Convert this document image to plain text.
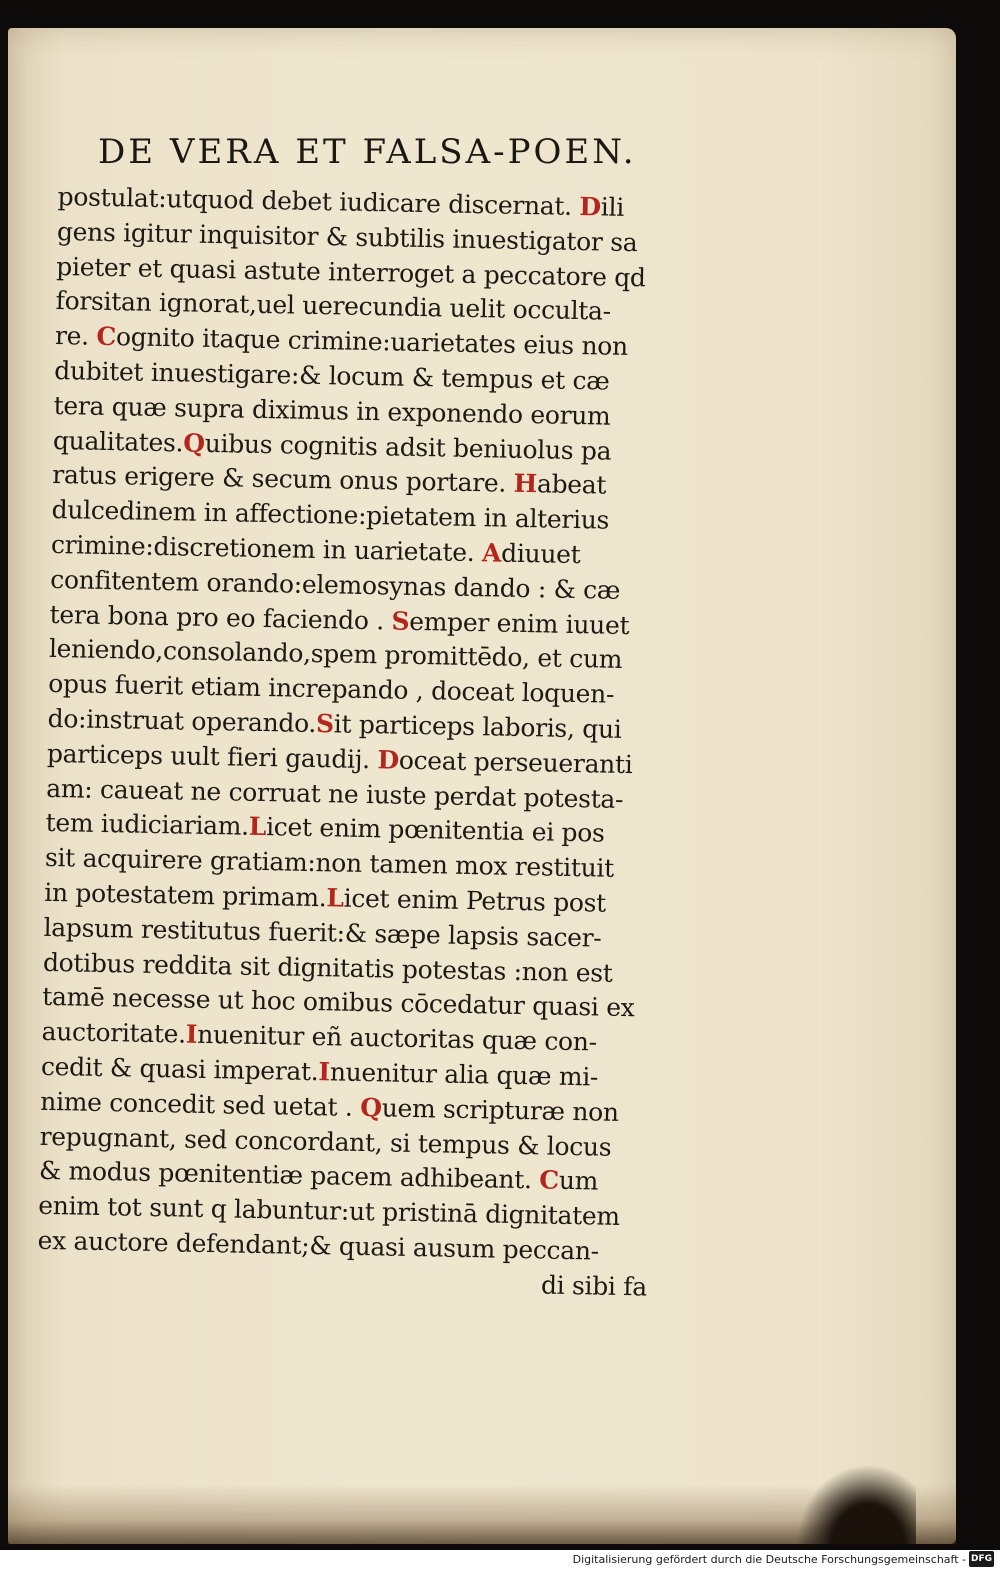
DE VERA ET FALSA-POEN.
postulat:utquod debet iudicare discernat. Dili
gens igitur inquisitor & subtilis inuestigator sa
pieter et quasi astute interroget a peccatore qd
forsitan ignorat,uel uerecundia uelit occulta-
re. Cognito itaque crimine:uarietates eius non
dubitet inuestigare:& locum & tempus et cæ
tera quæ supra diximus in exponendo eorum
qualitates.Quibus cognitis adsit beniuolus pa
ratus erigere & secum onus portare. Habeat
dulcedinem in affectione:pietatem in alterius
crimine:discretionem in uarietate. Adiuuet
confitentem orando:elemosynas dando : & cæ
tera bona pro eo faciendo . Semper enim iuuet
leniendo,consolando,spem promittēdo, et cum
opus fuerit etiam increpando , doceat loquen-
do:instruat operando.Sit particeps laboris, qui
particeps uult fieri gaudij. Doceat perseueranti
am: caueat ne corruat ne iuste perdat potesta-
tem iudiciariam.Licet enim pœnitentia ei pos
sit acquirere gratiam:non tamen mox restituit
in potestatem primam.Licet enim Petrus post
lapsum restitutus fuerit:& sæpe lapsis sacer-
dotibus reddita sit dignitatis potestas :non est
tamē necesse ut hoc omibus cōcedatur quasi ex
auctoritate.Inuenitur eñ auctoritas quæ con-
cedit & quasi imperat.Inuenitur alia quæ mi-
nime concedit sed uetat . Quem scripturæ non
repugnant, sed concordant, si tempus & locus
& modus pœnitentiæ pacem adhibeant. Cum
enim tot sunt q labuntur:ut pristinā dignitatem
ex auctore defendant;& quasi ausum peccan-
di sibi fa
Digitalisierung gefördert durch die Deutsche Forschungsgemeinschaft - DFG
